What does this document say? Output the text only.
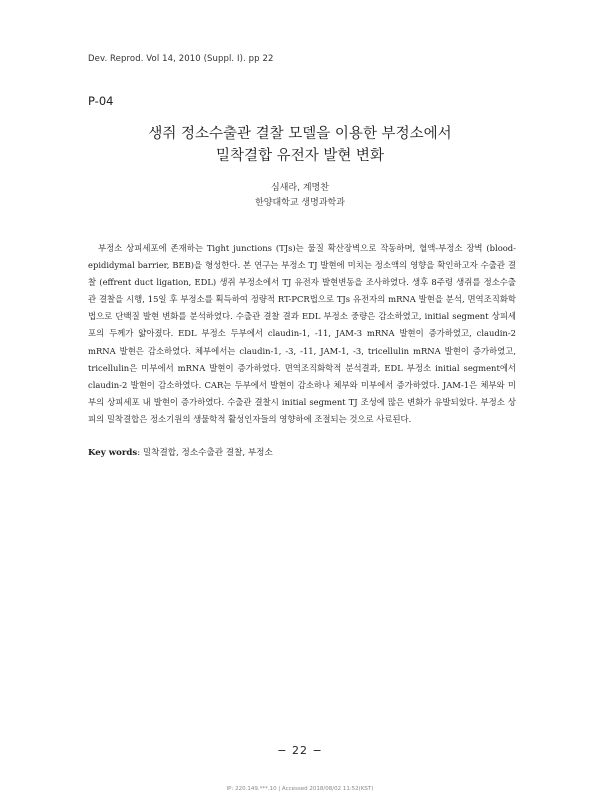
Dev. Reprod. Vol 14, 2010 (Suppl. I). pp 22
P-04
생쥐 정소수출관 결찰 모델을 이용한 부정소에서
밀착결합 유전자 발현 변화
심새라, 계명찬
한양대학교 생명과학과

부정소 상피세포에 존재하는 Tight junctions (TJs)는 물질 확산장벽으로 작동하며, 혈액-부정소 장벽 (blood-epididymal barrier, BEB)을 형성한다. 본 연구는 부정소 TJ 발현에 미치는 정소액의 영향을 확인하고자 수출관 결찰 (effrent duct ligation, EDL) 생쥐 부정소에서 TJ 유전자 발현변동을 조사하였다. 생후 8주령 생쥐를 정소수출관 결찰을 시행, 15일 후 부정소를 획득하여 정량적 RT-PCR법으로 TJs 유전자의 mRNA 발현을 분석, 면역조직화학법으로 단백질 발현 변화를 분석하였다. 수출관 결찰 결과 EDL 부정소 중량은 감소하였고, initial segment 상피세포의 두께가 얇아졌다. EDL 부정소 두부에서 claudin-1, -11, JAM-3 mRNA 발현이 증가하였고, claudin-2 mRNA 발현은 감소하였다. 체부에서는 claudin-1, -3, -11, JAM-1, -3, tricellulin mRNA 발현이 증가하였고, tricellulin은 미부에서 mRNA 발현이 증가하였다. 면역조직화학적 분석결과, EDL 부정소 initial segment에서 claudin-2 발현이 감소하였다. CAR는 두부에서 발현이 감소하나 체부와 미부에서 증가하였다. JAM-1은 체부와 미부의 상피세포 내 발현이 증가하였다. 수출관 결찰시 initial segment TJ 조성에 많은 변화가 유발되었다. 부정소 상피의 밀착결합은 정소기원의 생물학적 활성인자들의 영향하에 조절되는 것으로 사료된다.

Key words: 밀착결합, 정소수출관 결찰, 부정소
− 22 −
IP: 220.149.***.10 | Accessed 2018/08/02 11:52(KST)
